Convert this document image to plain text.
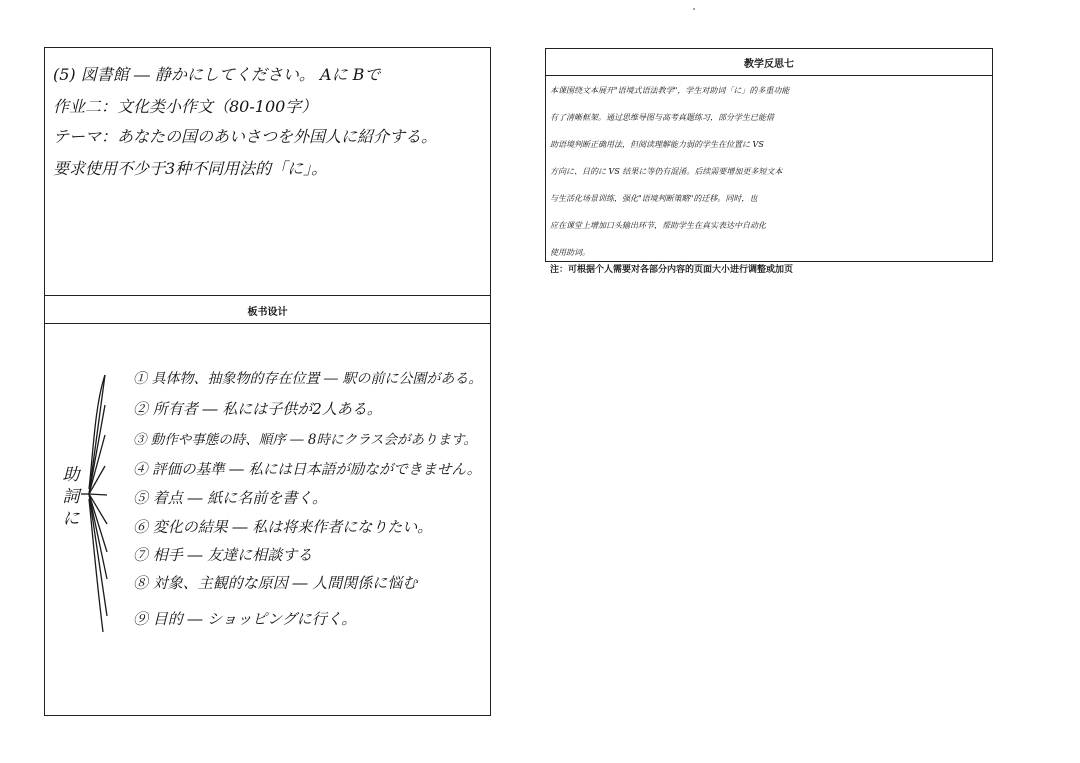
(5) 図書館 ― 静かにしてください。 Aに Bで
作业二：文化类小作文（80-100字）
テーマ：あなたの国のあいさつを外国人に紹介する。
要求使用不少于3种不同用法的「に」。
板书设计
助詞に
① 具体物、抽象物的存在位置 ― 駅の前に公園がある。
② 所有者 ― 私には子供が2人ある。
③ 動作や事態の時、順序 ― 8時にクラス会があります。
④ 評価の基準 ― 私には日本語が励なができません。
⑤ 着点 ― 紙に名前を書く。
⑥ 変化の結果 ― 私は将来作者になりたい。
⑦ 相手 ― 友達に相談する
⑧ 対象、主観的な原因 ― 人間関係に悩む
⑨ 目的 ― ショッピングに行く。
教学反思七
本课围绕文本展开"语境式语法教学"，学生对助词「に」的多重功能
有了清晰框架。通过思维导图与高考真题练习，部分学生已能借
助语境判断正确用法，但阅读理解能力弱的学生在位置に VS
方向に、目的に VS 结果に等仍有混淆。后续需要增加更多短文本
与生活化场景训练，强化"语境判断策略"的迁移。同时，也
应在课堂上增加口头输出环节，帮助学生在真实表达中自动化
使用助词。
注：可根据个人需要对各部分内容的页面大小进行调整或加页
